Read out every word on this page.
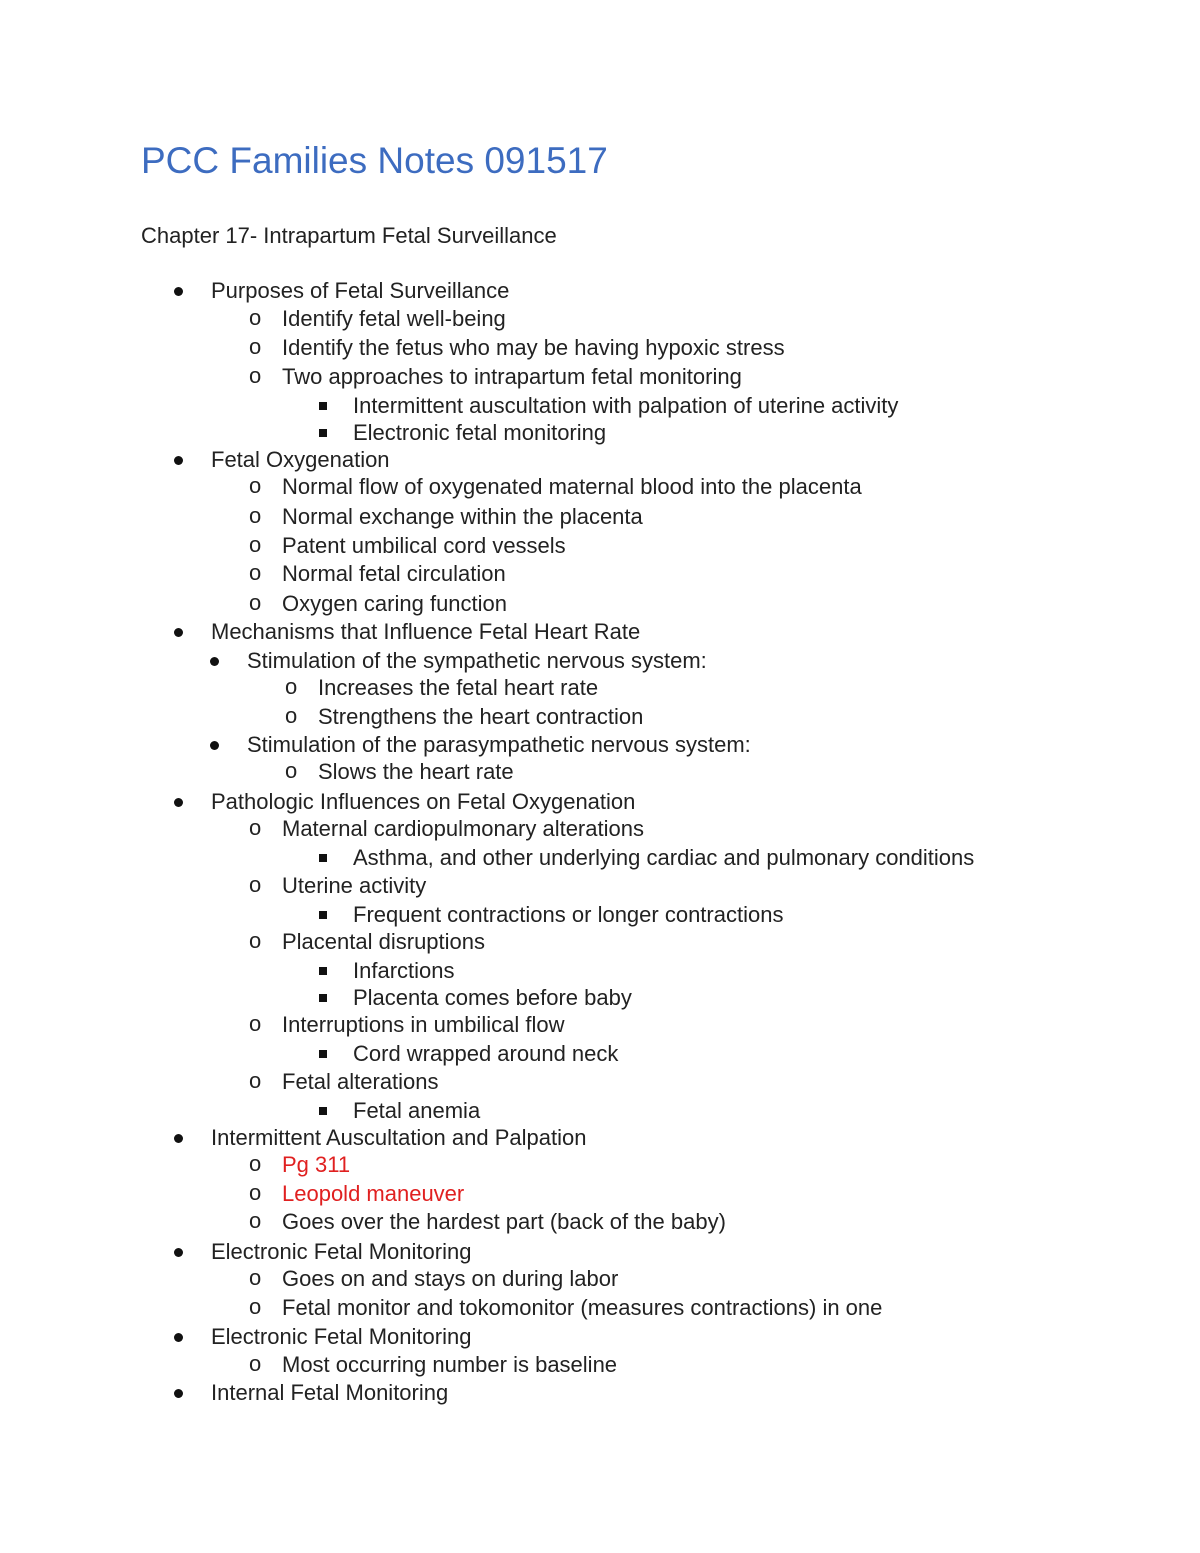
PCC Families Notes 091517
Chapter 17- Intrapartum Fetal Surveillance
Purposes of Fetal Surveillance
o Identify fetal well-being
o Identify the fetus who may be having hypoxic stress
o Two approaches to intrapartum fetal monitoring
Intermittent auscultation with palpation of uterine activity
Electronic fetal monitoring
Fetal Oxygenation
o Normal flow of oxygenated maternal blood into the placenta
o Normal exchange within the placenta
o Patent umbilical cord vessels
o Normal fetal circulation
o Oxygen caring function
Mechanisms that Influence Fetal Heart Rate
Stimulation of the sympathetic nervous system:
o Increases the fetal heart rate
o Strengthens the heart contraction
Stimulation of the parasympathetic nervous system:
o Slows the heart rate
Pathologic Influences on Fetal Oxygenation
o Maternal cardiopulmonary alterations
Asthma, and other underlying cardiac and pulmonary conditions
o Uterine activity
Frequent contractions or longer contractions
o Placental disruptions
Infarctions
Placenta comes before baby
o Interruptions in umbilical flow
Cord wrapped around neck
o Fetal alterations
Fetal anemia
Intermittent Auscultation and Palpation
o Pg 311
o Leopold maneuver
o Goes over the hardest part (back of the baby)
Electronic Fetal Monitoring
o Goes on and stays on during labor
o Fetal monitor and tokomonitor (measures contractions) in one
Electronic Fetal Monitoring
o Most occurring number is baseline
Internal Fetal Monitoring
